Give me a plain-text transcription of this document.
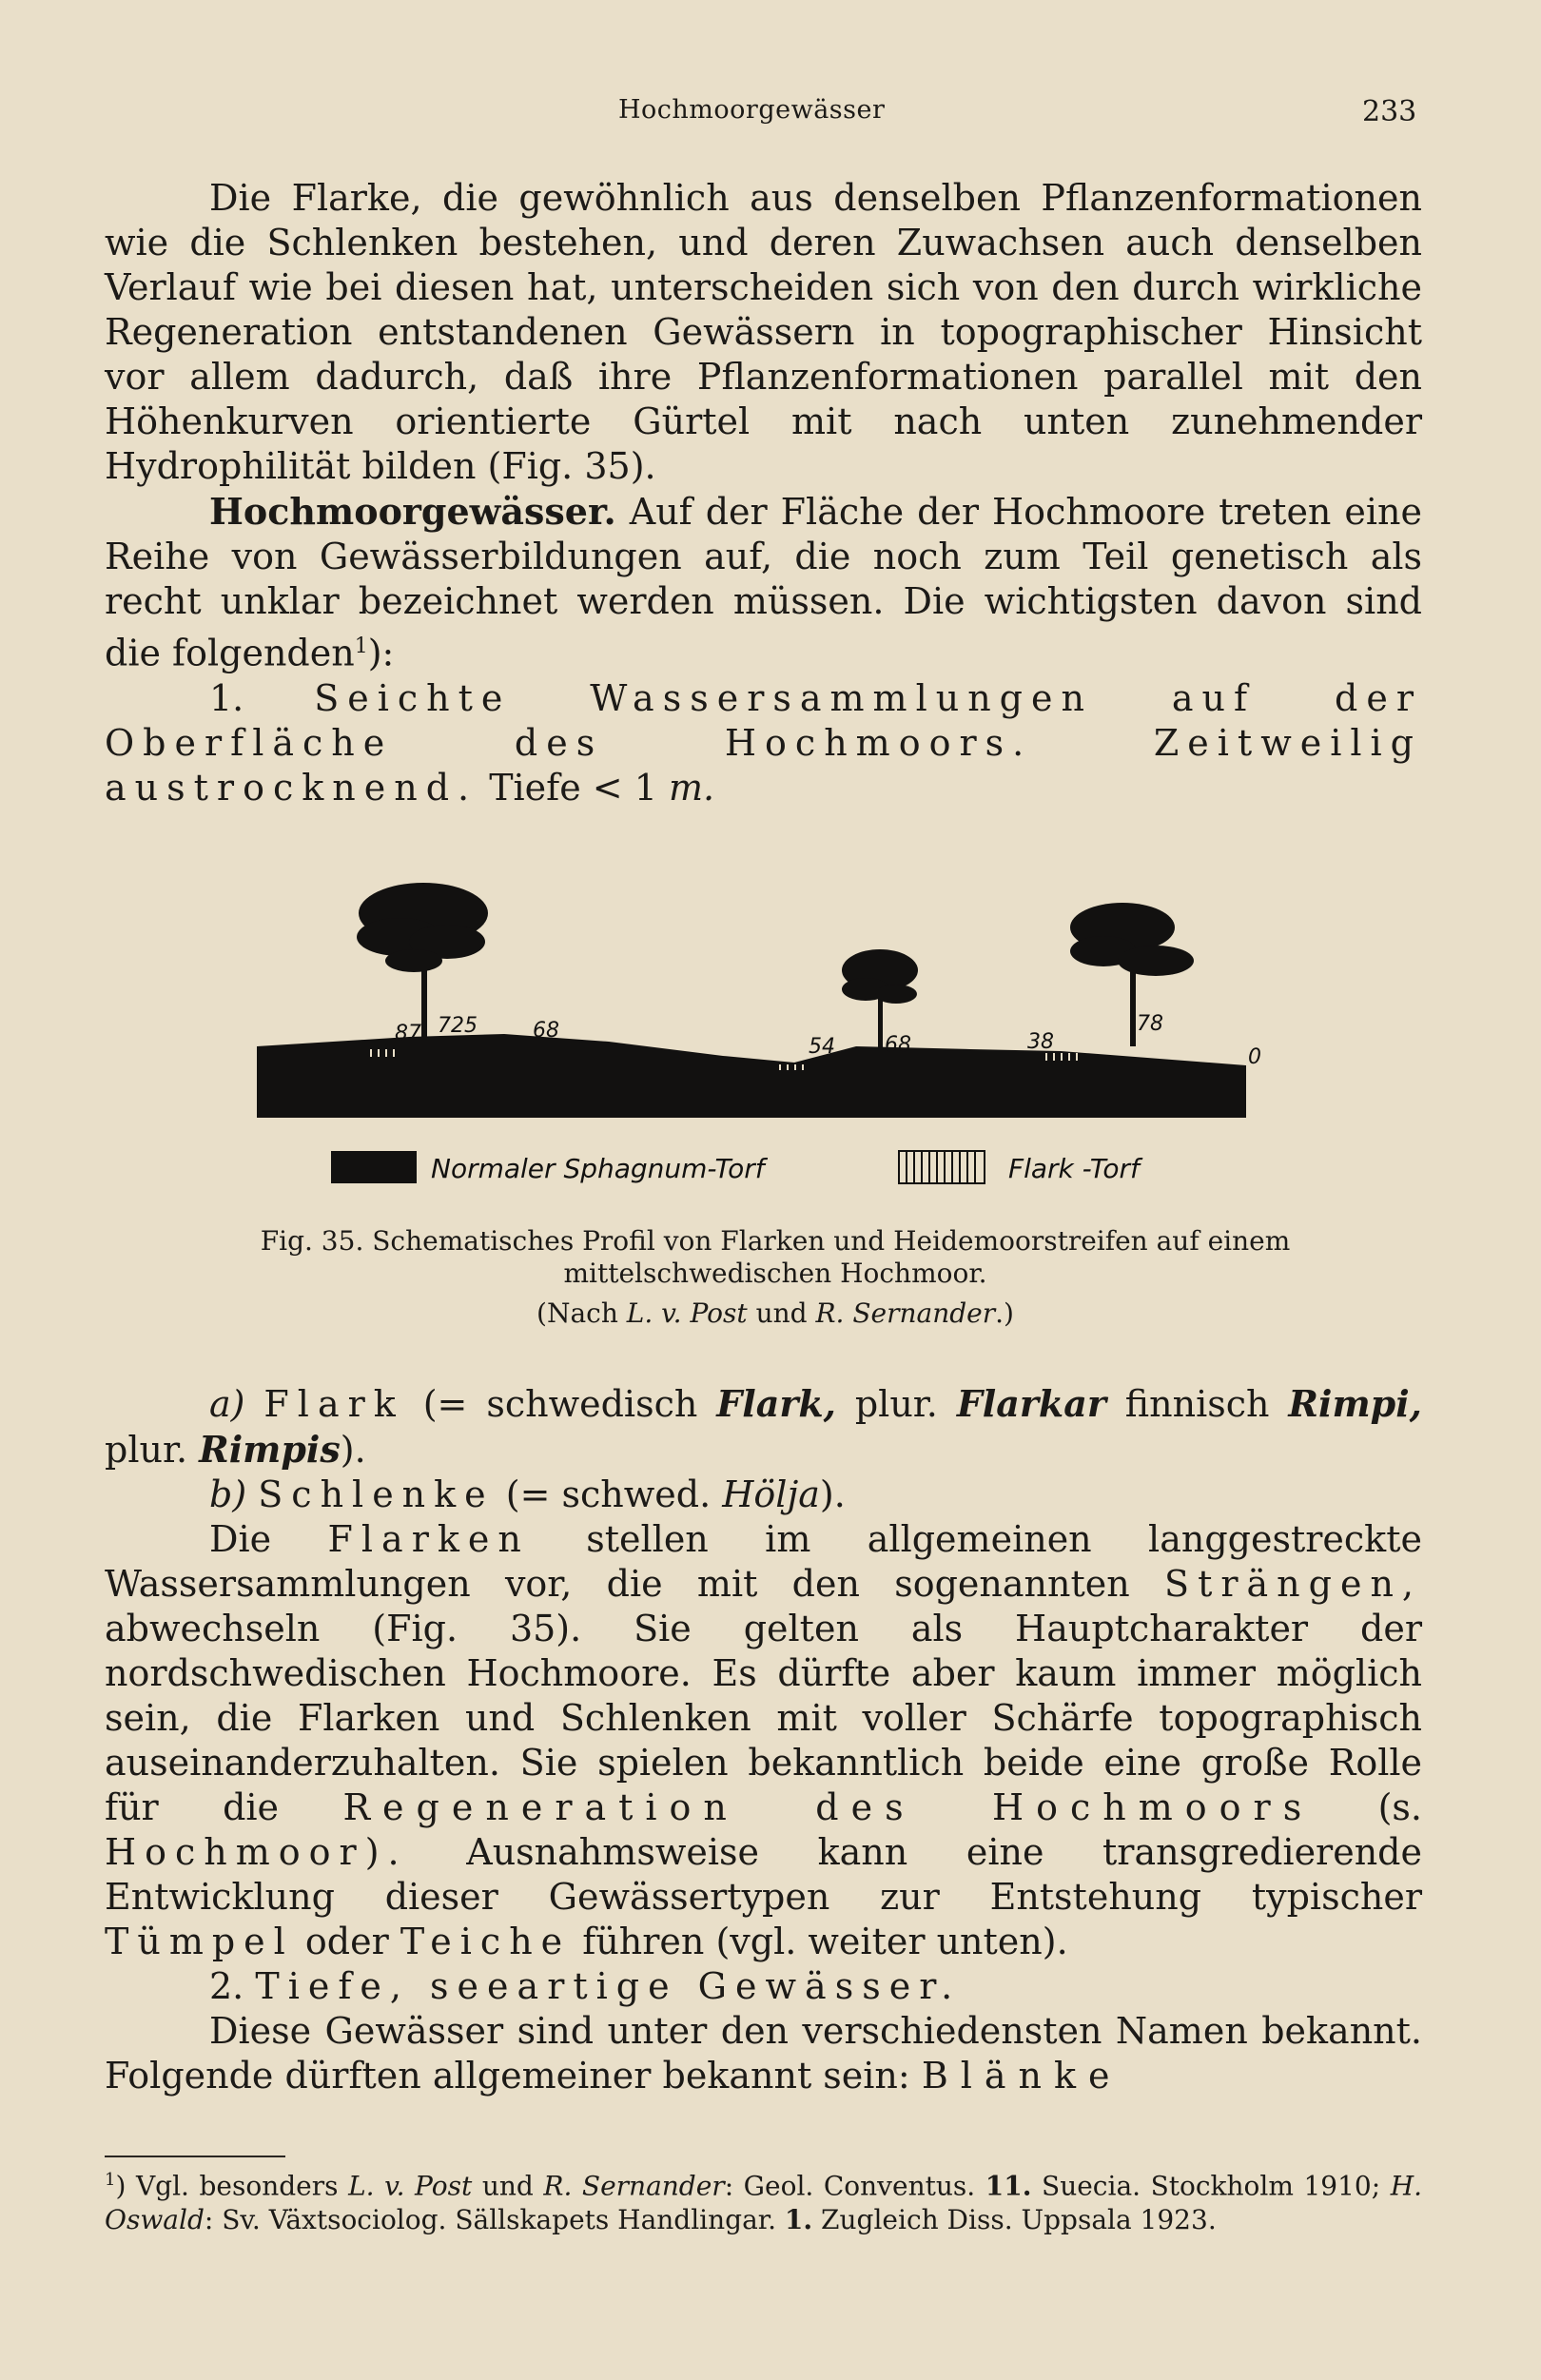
Hochmoorgewässer	233

Die Flarke, die gewöhnlich aus denselben Pflanzenformationen wie die Schlenken bestehen, und deren Zuwachsen auch denselben Verlauf wie bei diesen hat, unterscheiden sich von den durch wirkliche Regeneration entstandenen Gewässern in topographischer Hinsicht vor allem dadurch, daß ihre Pflanzenformationen parallel mit den Höhenkurven orientierte Gürtel mit nach unten zunehmender Hydrophilität bilden (Fig. 35).

Hochmoorgewässer. Auf der Fläche der Hochmoore treten eine Reihe von Gewässerbildungen auf, die noch zum Teil genetisch als recht unklar bezeichnet werden müssen. Die wichtigsten davon sind die folgenden$^1$):

1. Seichte Wassersammlungen auf der Oberfläche des Hochmoors. Zeitweilig austrocknend. Tiefe < 1 m.

87 725	68
54 68	38
78
0
Normaler Sphagnum-Torf	Flark -Torf
Fig. 35. Schematisches Profil von Flarken und Heidemoorstreifen auf einem mittelschwedischen Hochmoor.
(Nach L. v. Post und R. Sernander.)

a) Flark (= schwedisch Flark, plur. Flarkar finnisch Rimpi, plur. Rimpis).

b) Schlenke (= schwed. Hölja).

Die Flarken stellen im allgemeinen langgestreckte Wassersammlungen vor, die mit den sogenannten Strängen, abwechseln (Fig. 35). Sie gelten als Hauptcharakter der nordschwedischen Hochmoore. Es dürfte aber kaum immer möglich sein, die Flarken und Schlenken mit voller Schärfe topographisch auseinanderzuhalten. Sie spielen bekanntlich beide eine große Rolle für die Regeneration des Hochmoors (s. Hochmoor). Ausnahmsweise kann eine transgredierende Entwicklung dieser Gewässertypen zur Entstehung typischer Tümpel oder Teiche führen (vgl. weiter unten).

2. Tiefe, seeartige Gewässer.

Diese Gewässer sind unter den verschiedensten Namen bekannt. Folgende dürften allgemeiner bekannt sein: Blänke

$^1$) Vgl. besonders L. v. Post und R. Sernander: Geol. Conventus. 11. Suecia. Stockholm 1910; H. Oswald: Sv. Växtsociolog. Sällskapets Handlingar. 1. Zugleich Diss. Uppsala 1923.
